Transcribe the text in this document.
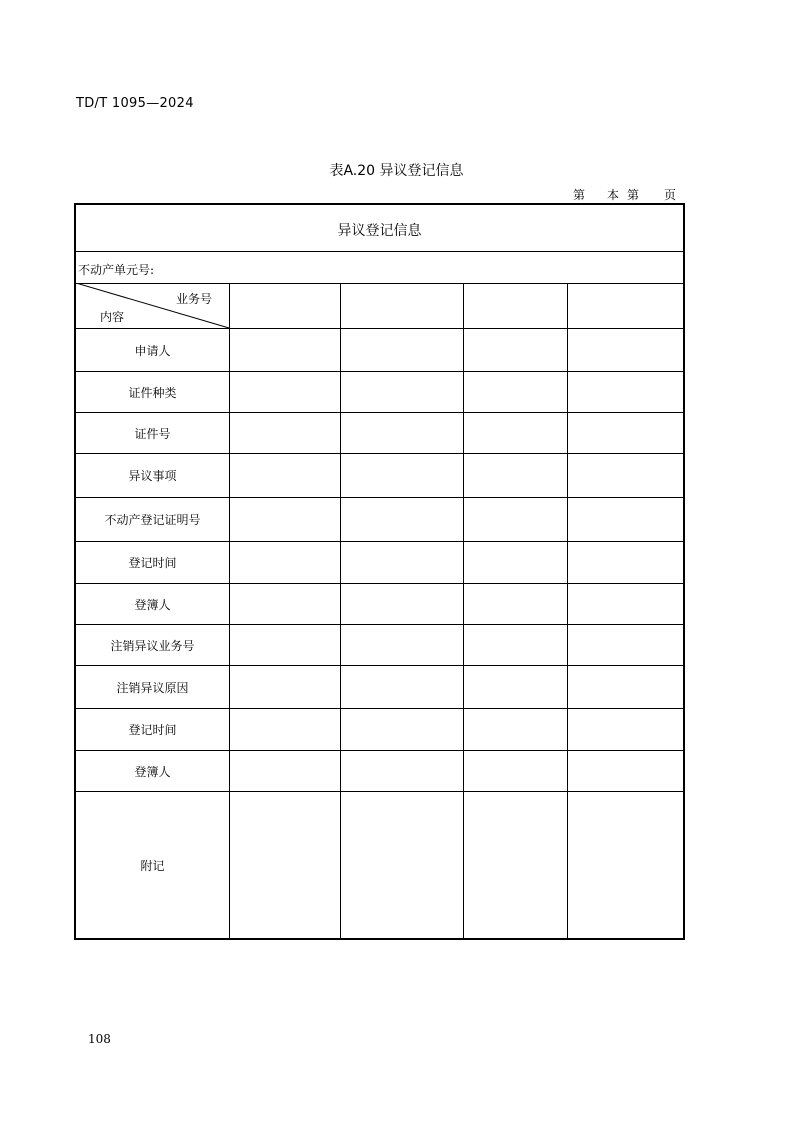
TD/T 1095—2024
表A.20 异议登记信息
第 本 第 页
异议登记信息
不动产单元号:
业务号
内容
申请人
证件种类
证件号
异议事项
不动产登记证明号
登记时间
登簿人
注销异议业务号
注销异议原因
登记时间
登簿人
附记
108
